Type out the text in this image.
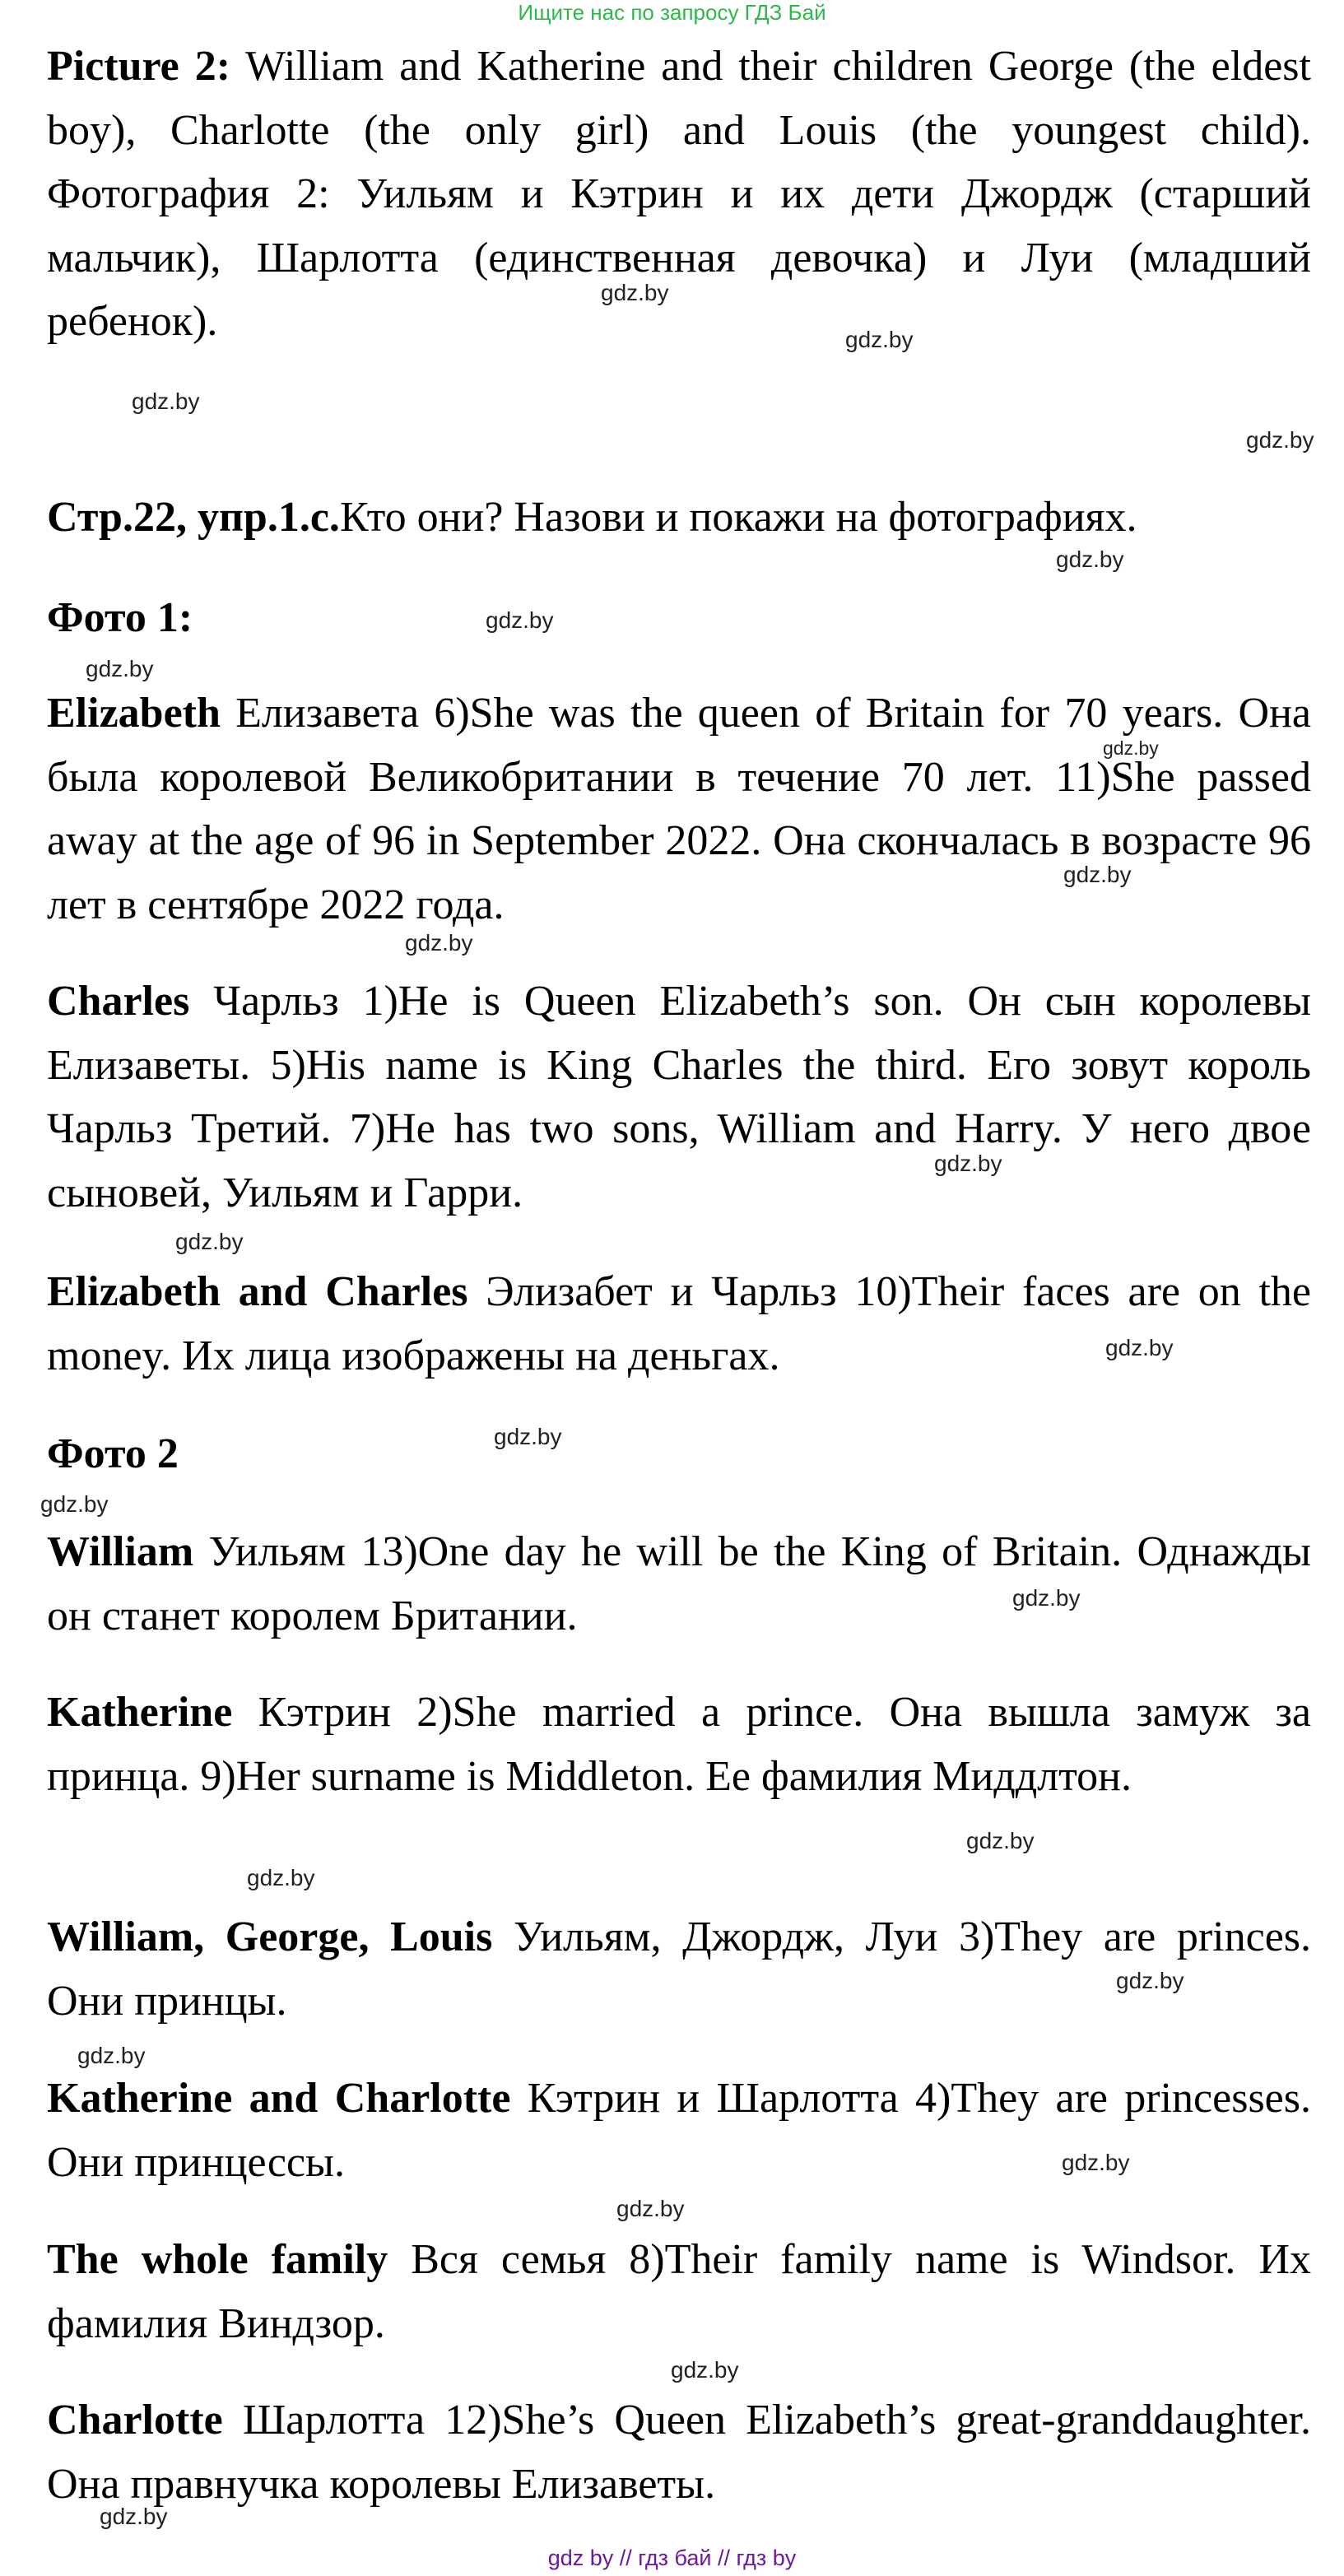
Ищите нас по запросу ГДЗ Бай

Picture 2: William and Katherine and their children George (the eldest boy), Charlotte (the only girl) and Louis (the youngest child). Фотография 2: Уильям и Кэтрин и их дети Джордж (старший мальчик), Шарлотта (единственная девочка) и Луи (младший ребенок).

Стр.22, упр.1.с.Кто они? Назови и покажи на фотографиях.

Фото 1:

Elizabeth Елизавета 6)She was the queen of Britain for 70 years. Она была королевой Великобритании в течение 70 лет. 11)She passed away at the age of 96 in September 2022. Она скончалась в возрасте 96 лет в сентябре 2022 года.

Charles Чарльз 1)He is Queen Elizabeth’s son. Он сын королевы Елизаветы. 5)His name is King Charles the third. Его зовут король Чарльз Третий. 7)He has two sons, William and Harry. У него двое сыновей, Уильям и Гарри.

Elizabeth and Charles Элизабет и Чарльз 10)Their faces are on the money. Их лица изображены на деньгах.

Фото 2

William Уильям 13)One day he will be the King of Britain. Однажды он станет королем Британии.

Katherine Кэтрин 2)She married a prince. Она вышла замуж за принца. 9)Her surname is Middleton. Ее фамилия Миддлтон.

William, George, Louis Уильям, Джордж, Луи 3)They are princes. Они принцы.

Katherine and Charlotte Кэтрин и Шарлотта 4)They are princesses. Они принцессы.

The whole family Вся семья 8)Their family name is Windsor. Их фамилия Виндзор.

Charlotte Шарлотта 12)She’s Queen Elizabeth’s great-granddaughter. Она правнучка королевы Елизаветы.

gdz.by
gdz.by
gdz.by
gdz.by
gdz.by
gdz.by
gdz.by
gdz.by
gdz.by
gdz.by
gdz.by
gdz.by
gdz.by
gdz.by
gdz.by
gdz.by
gdz.by
gdz.by
gdz.by
gdz.by
gdz.by
gdz.by
gdz.by
gdz.by
gdz by // гдз бай // гдз by
